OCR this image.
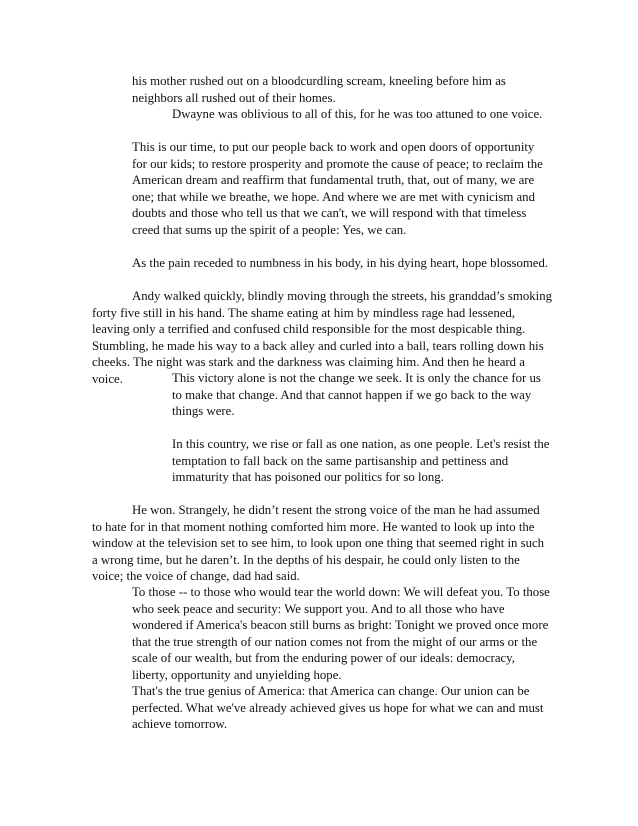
his mother rushed out on a bloodcurdling scream, kneeling before him as neighbors all rushed out of their homes.

Dwayne was oblivious to all of this, for he was too attuned to one voice.

This is our time, to put our people back to work and open doors of opportunity for our kids; to restore prosperity and promote the cause of peace; to reclaim the American dream and reaffirm that fundamental truth, that, out of many, we are one; that while we breathe, we hope. And where we are met with cynicism and doubts and those who tell us that we can't, we will respond with that timeless creed that sums up the spirit of a people: Yes, we can.

As the pain receded to numbness in his body, in his dying heart, hope blossomed.

Andy walked quickly, blindly moving through the streets, his granddad’s smoking forty five still in his hand. The shame eating at him by mindless rage had lessened, leaving only a terrified and confused child responsible for the most despicable thing. Stumbling, he made his way to a back alley and curled into a ball, tears rolling down his cheeks. The night was stark and the darkness was claiming him. And then he heard a voice.	This victory alone is not the change we seek. It is only the chance for us to make that change. And that cannot happen if we go back to the way things were.

In this country, we rise or fall as one nation, as one people. Let's resist the temptation to fall back on the same partisanship and pettiness and immaturity that has poisoned our politics for so long.

He won. Strangely, he didn’t resent the strong voice of the man he had assumed to hate for in that moment nothing comforted him more. He wanted to look up into the window at the television set to see him, to look upon one thing that seemed right in such a wrong time, but he daren’t. In the depths of his despair, he could only listen to the voice; the voice of change, dad had said.

To those -- to those who would tear the world down: We will defeat you. To those who seek peace and security: We support you. And to all those who have wondered if America's beacon still burns as bright: Tonight we proved once more that the true strength of our nation comes not from the might of our arms or the scale of our wealth, but from the enduring power of our ideals: democracy, liberty, opportunity and unyielding hope.

That's the true genius of America: that America can change. Our union can be perfected. What we've already achieved gives us hope for what we can and must achieve tomorrow.
